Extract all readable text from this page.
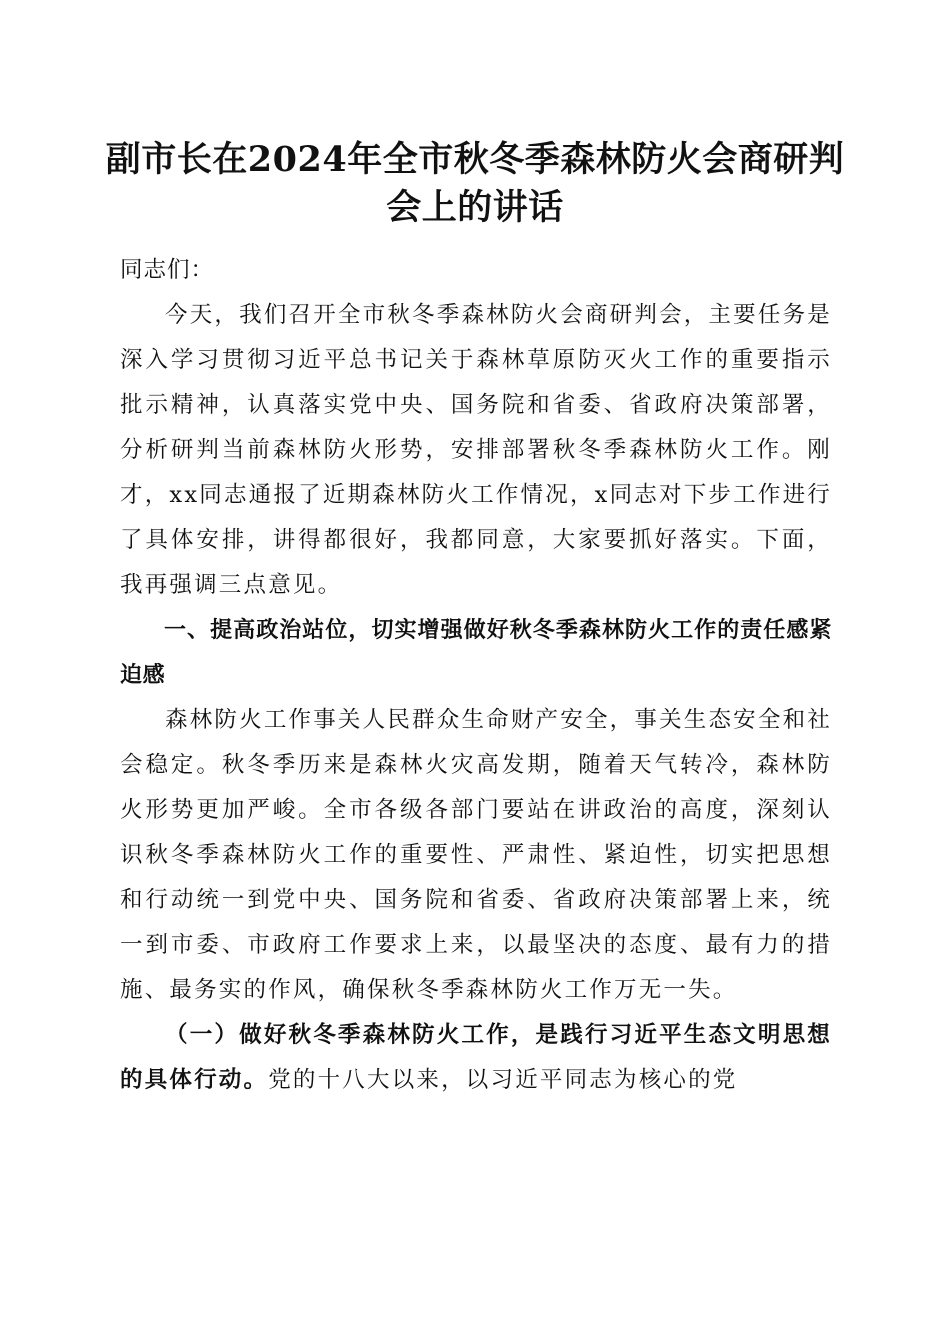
副市长在2024年全市秋冬季森林防火会商研判会上的讲话

同志们：

今天，我们召开全市秋冬季森林防火会商研判会，主要任务是深入学习贯彻习近平总书记关于森林草原防灭火工作的重要指示批示精神，认真落实党中央、国务院和省委、省政府决策部署，分析研判当前森林防火形势，安排部署秋冬季森林防火工作。刚才，xx同志通报了近期森林防火工作情况，x同志对下步工作进行了具体安排，讲得都很好，我都同意，大家要抓好落实。下面，我再强调三点意见。

一、提高政治站位，切实增强做好秋冬季森林防火工作的责任感紧迫感

森林防火工作事关人民群众生命财产安全，事关生态安全和社会稳定。秋冬季历来是森林火灾高发期，随着天气转冷，森林防火形势更加严峻。全市各级各部门要站在讲政治的高度，深刻认识秋冬季森林防火工作的重要性、严肃性、紧迫性，切实把思想和行动统一到党中央、国务院和省委、省政府决策部署上来，统一到市委、市政府工作要求上来，以最坚决的态度、最有力的措施、最务实的作风，确保秋冬季森林防火工作万无一失。

（一）做好秋冬季森林防火工作，是践行习近平生态文明思想的具体行动。党的十八大以来，以习近平同志为核心的党
